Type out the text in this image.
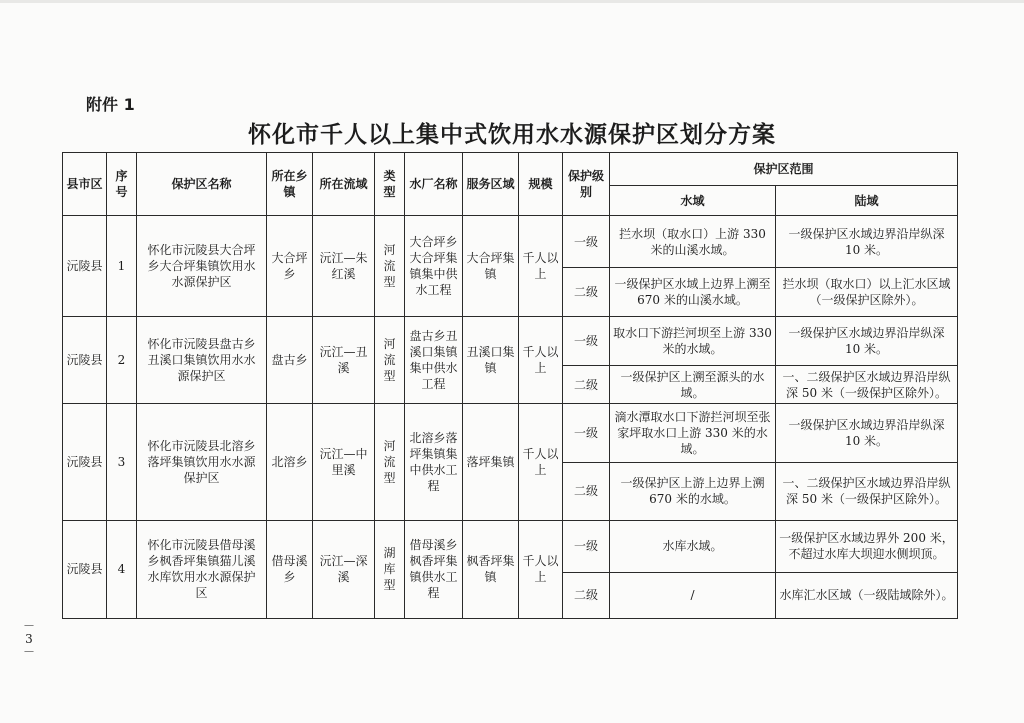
附件 1
怀化市千人以上集中式饮用水水源保护区划分方案
－3－
县市区	序号	保护区名称	所在乡镇	所在流域	类型	水厂名称	服务区域	规模	保护级别	保护区范围	
										水域	陆域
沅陵县	1	怀化市沅陵县大合坪乡大合坪集镇饮用水水源保护区	大合坪乡	沅江—朱红溪	河流型	大合坪乡大合坪集镇集中供水工程	大合坪集镇	千人以上	一级	拦水坝（取水口）上游 330 米的山溪水域。	一级保护区水域边界沿岸纵深 10 米。
									二级	一级保护区水域上边界上溯至 670 米的山溪水域。	拦水坝（取水口）以上汇水区域（一级保护区除外）。
沅陵县	2	怀化市沅陵县盘古乡丑溪口集镇饮用水水源保护区	盘古乡	沅江—丑溪	河流型	盘古乡丑溪口集镇集中供水工程	丑溪口集镇	千人以上	一级	取水口下游拦河坝至上游 330 米的水域。	一级保护区水域边界沿岸纵深 10 米。
									二级	一级保护区上溯至源头的水域。	一、二级保护区水域边界沿岸纵深 50 米（一级保护区除外）。
沅陵县	3	怀化市沅陵县北溶乡落坪集镇饮用水水源保护区	北溶乡	沅江—中里溪	河流型	北溶乡落坪集镇集中供水工程	落坪集镇	千人以上	一级	滴水潭取水口下游拦河坝至张家坪取水口上游 330 米的水域。	一级保护区水域边界沿岸纵深 10 米。
									二级	一级保护区上游上边界上溯 670 米的水域。	一、二级保护区水域边界沿岸纵深 50 米（一级保护区除外）。
沅陵县	4	怀化市沅陵县借母溪乡枫香坪集镇猫儿溪水库饮用水水源保护区	借母溪乡	沅江—深溪	湖库型	借母溪乡枫香坪集镇供水工程	枫香坪集镇	千人以上	一级	水库水域。	一级保护区水域边界外 200 米，不超过水库大坝迎水侧坝顶。
									二级	/	水库汇水区域（一级陆域除外）。
